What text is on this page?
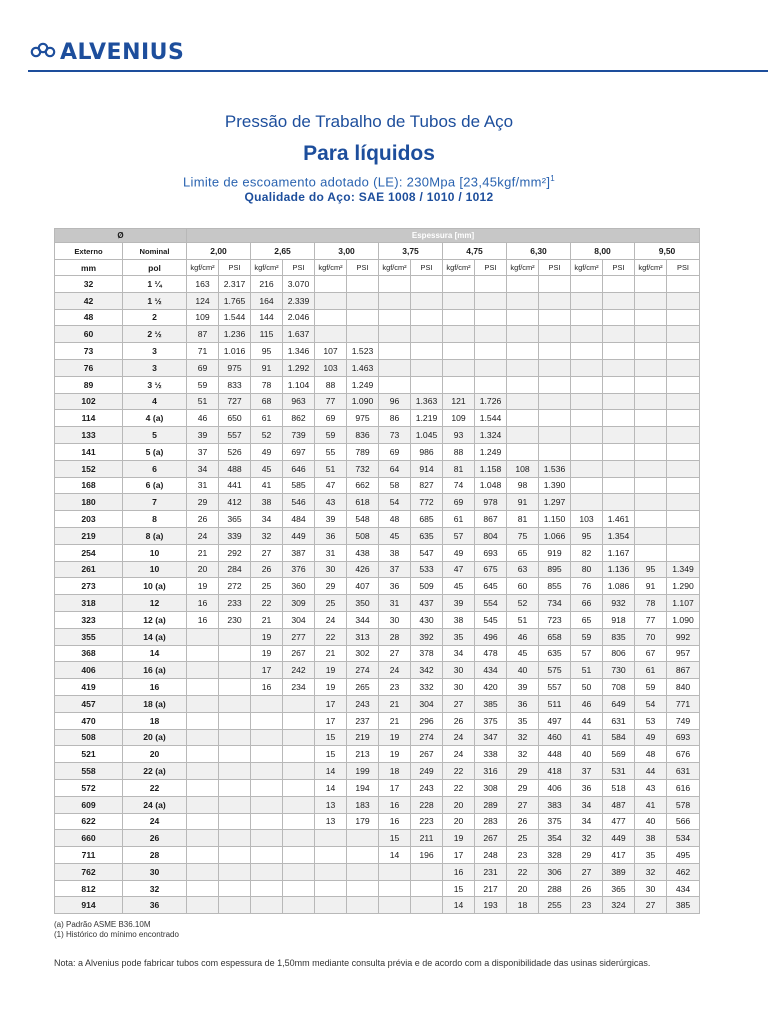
ALVENIUS
Pressão de Trabalho de Tubos de Aço
Para líquidos
Limite de escoamento adotado (LE): 230Mpa $[23,45kgf/mm^2]^1$
Qualidade do Aço: SAE 1008 / 1010 / 1012
Ø		Espessura [mm]															
Externo	Nominal	2,00		2,65		3,00		3,75		4,75		6,30		8,00		9,50	
mm	pol	kgf/cm²	PSI	kgf/cm²	PSI	kgf/cm²	PSI	kgf/cm²	PSI	kgf/cm²	PSI	kgf/cm²	PSI	kgf/cm²	PSI	kgf/cm²	PSI
32	1 ¼	163	2.317	216	3.070												
42	1 ½	124	1.765	164	2.339												
48	2	109	1.544	144	2.046												
60	2 ½	87	1.236	115	1.637												
73	3	71	1.016	95	1.346	107	1.523										
76	3	69	975	91	1.292	103	1.463										
89	3 ½	59	833	78	1.104	88	1.249										
102	4	51	727	68	963	77	1.090	96	1.363	121	1.726						
114	4 (a)	46	650	61	862	69	975	86	1.219	109	1.544						
133	5	39	557	52	739	59	836	73	1.045	93	1.324						
141	5 (a)	37	526	49	697	55	789	69	986	88	1.249						
152	6	34	488	45	646	51	732	64	914	81	1.158	108	1.536				
168	6 (a)	31	441	41	585	47	662	58	827	74	1.048	98	1.390				
180	7	29	412	38	546	43	618	54	772	69	978	91	1.297				
203	8	26	365	34	484	39	548	48	685	61	867	81	1.150	103	1.461		
219	8 (a)	24	339	32	449	36	508	45	635	57	804	75	1.066	95	1.354		
254	10	21	292	27	387	31	438	38	547	49	693	65	919	82	1.167		
261	10	20	284	26	376	30	426	37	533	47	675	63	895	80	1.136	95	1.349
273	10 (a)	19	272	25	360	29	407	36	509	45	645	60	855	76	1.086	91	1.290
318	12	16	233	22	309	25	350	31	437	39	554	52	734	66	932	78	1.107
323	12 (a)	16	230	21	304	24	344	30	430	38	545	51	723	65	918	77	1.090
355	14 (a)			19	277	22	313	28	392	35	496	46	658	59	835	70	992
368	14			19	267	21	302	27	378	34	478	45	635	57	806	67	957
406	16 (a)			17	242	19	274	24	342	30	434	40	575	51	730	61	867
419	16			16	234	19	265	23	332	30	420	39	557	50	708	59	840
457	18 (a)					17	243	21	304	27	385	36	511	46	649	54	771
470	18					17	237	21	296	26	375	35	497	44	631	53	749
508	20 (a)					15	219	19	274	24	347	32	460	41	584	49	693
521	20					15	213	19	267	24	338	32	448	40	569	48	676
558	22 (a)					14	199	18	249	22	316	29	418	37	531	44	631
572	22					14	194	17	243	22	308	29	406	36	518	43	616
609	24 (a)					13	183	16	228	20	289	27	383	34	487	41	578
622	24					13	179	16	223	20	283	26	375	34	477	40	566
660	26							15	211	19	267	25	354	32	449	38	534
711	28							14	196	17	248	23	328	29	417	35	495
762	30									16	231	22	306	27	389	32	462
812	32									15	217	20	288	26	365	30	434
914	36									14	193	18	255	23	324	27	385
(a) Padrão ASME B36.10M
(1) Histórico do mínimo encontrado
Nota: a Alvenius pode fabricar tubos com espessura de 1,50mm mediante consulta prévia e de acordo com a disponibilidade das usinas siderúrgicas.
